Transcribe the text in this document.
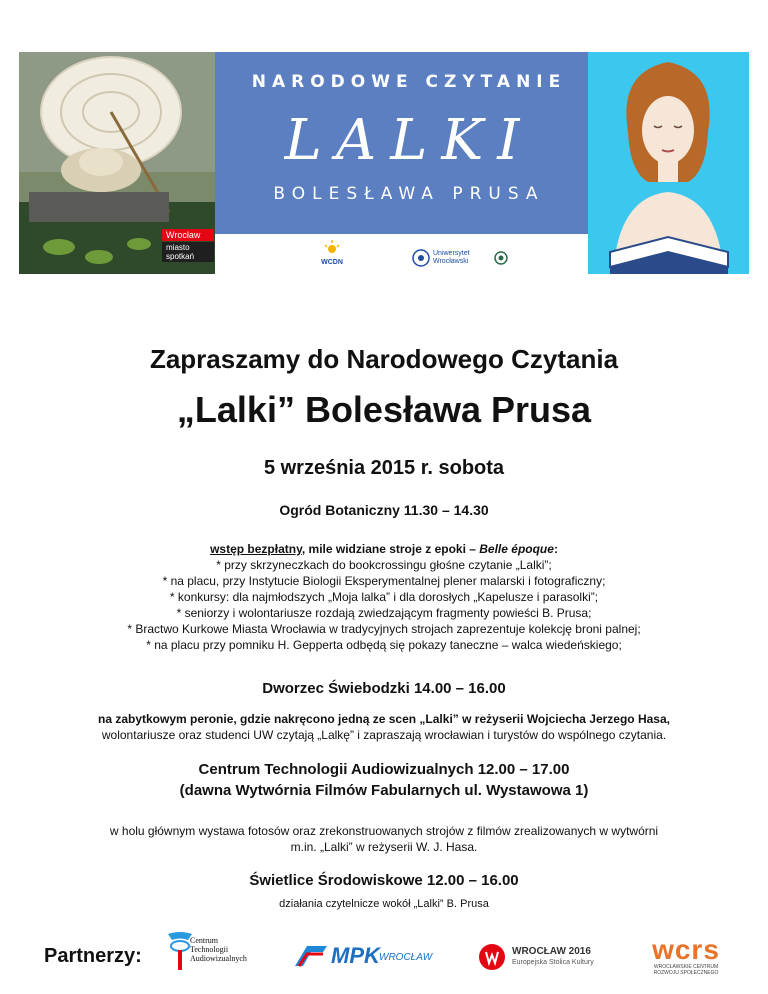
NARODOWE CZYTANIE
LALKI
BOLESŁAWA PRUSA
Wrocław
miasto spotkań
WCDN
Uniwersytet
Wrocławski
Zapraszamy do Narodowego Czytania
„Lalki” Bolesława Prusa
5 września 2015 r. sobota
Ogród Botaniczny 11.30 – 14.30
wstęp bezpłatny, mile widziane stroje z epoki – Belle époque:
* przy skrzyneczkach do bookcrossingu głośne czytanie „Lalki”;
* na placu, przy Instytucie Biologii Eksperymentalnej plener malarski i fotograficzny;
* konkursy: dla najmłodszych „Moja lalka” i dla dorosłych „Kapelusze i parasolki”;
* seniorzy i wolontariusze rozdają zwiedzającym fragmenty powieści B. Prusa;
* Bractwo Kurkowe Miasta Wrocławia w tradycyjnych strojach zaprezentuje kolekcję broni palnej;
* na placu przy pomniku H. Gepperta odbędą się pokazy taneczne – walca wiedeńskiego;
Dworzec Świebodzki 14.00 – 16.00
na zabytkowym peronie, gdzie nakręcono jedną ze scen „Lalki” w reżyserii Wojciecha Jerzego Hasa,
wolontariusze oraz studenci UW czytają „Lalkę” i zapraszają wrocławian i turystów do wspólnego czytania.
Centrum Technologii Audiowizualnych 12.00 – 17.00
(dawna Wytwórnia Filmów Fabularnych ul. Wystawowa 1)
w holu głównym wystawa fotosów oraz zrekonstruowanych strojów z filmów zrealizowanych w wytwórni
m.in. „Lalki” w reżyserii W. J. Hasa.
Świetlice Środowiskowe 12.00 – 16.00
działania czytelnicze wokół „Lalki” B. Prusa
Partnerzy:
Centrum
Technologii
Audiowizualnych	MPK WROCŁAW
WROCŁAW 2016
Europejska Stolica Kultury	wcrs
WROCŁAWSKIE CENTRUM
ROZWOJU SPOŁECZNEGO
